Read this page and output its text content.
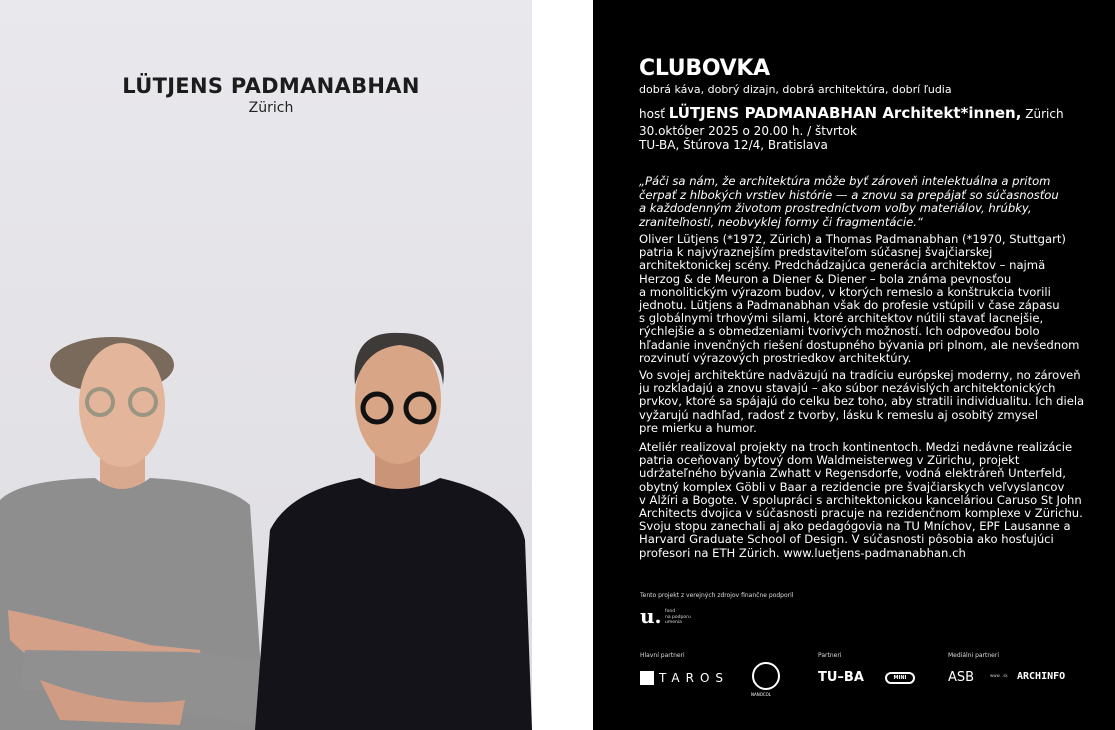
LÜTJENS PADMANABHAN
Zürich
CLUBOVKA
dobrá káva, dobrý dizajn, dobrá architektúra, dobrí ľudia
hosť LÜTJENS PADMANABHAN Architekt*innen, Zürich
30.október 2025 o 20.00 h. / štvrtok
TU-BA, Štúrova 12/4, Bratislava
„Páči sa nám, že architektúra môže byť zároveň intelektuálna a pritom
čerpať z hlbokých vrstiev histórie — a znovu sa prepájať so súčasnosťou
a každodenným životom prostredníctvom voľby materiálov, hrúbky,
zraniteľnosti, neobvyklej formy či fragmentácie.“
Oliver Lütjens (*1972, Zürich) a Thomas Padmanabhan (*1970, Stuttgart)
patria k najvýraznejším predstaviteľom súčasnej švajčiarskej
architektonickej scény. Predchádzajúca generácia architektov – najmä
Herzog & de Meuron a Diener & Diener – bola známa pevnosťou
a monolitickým výrazom budov, v ktorých remeslo a konštrukcia tvorili
jednotu. Lütjens a Padmanabhan však do profesie vstúpili v čase zápasu
s globálnymi trhovými silami, ktoré architektov nútili stavať lacnejšie,
rýchlejšie a s obmedzeniami tvorivých možností. Ich odpoveďou bolo
hľadanie invenčných riešení dostupného bývania pri plnom, ale nevšednom
rozvinutí výrazových prostriedkov architektúry.
Vo svojej architektúre nadväzujú na tradíciu európskej moderny, no zároveň
ju rozkladajú a znovu stavajú – ako súbor nezávislých architektonických
prvkov, ktoré sa spájajú do celku bez toho, aby stratili individualitu. Ich diela
vyžarujú nadhľad, radosť z tvorby, lásku k remeslu aj osobitý zmysel
pre mierku a humor.
Ateliér realizoval projekty na troch kontinentoch. Medzi nedávne realizácie
patria oceňovaný bytový dom Waldmeisterweg v Zürichu, projekt
udržateľného bývania Zwhatt v Regensdorfe, vodná elektráreň Unterfeld,
obytný komplex Göbli v Baar a rezidencie pre švajčiarskych veľvyslancov
v Alžíri a Bogote. V spolupráci s architektonickou kanceláriou Caruso St John
Architects dvojica v súčasnosti pracuje na rezidenčnom komplexe v Zürichu.
Svoju stopu zanechali aj ako pedagógovia na TU Mníchov, EPF Lausanne a
Harvard Graduate School of Design. V súčasnosti pôsobia ako hosťujúci
profesori na ETH Zürich. www.luetjens-padmanabhan.ch
Tento projekt z verejných zdrojov finančne podporil
u. fond
na podporu
umenia
Hlavní partneri	Partneri	Mediálni partneri
TAROS
NANOCOL
TU–BA	MINI	ASB	www. .sk ARCHINFO
